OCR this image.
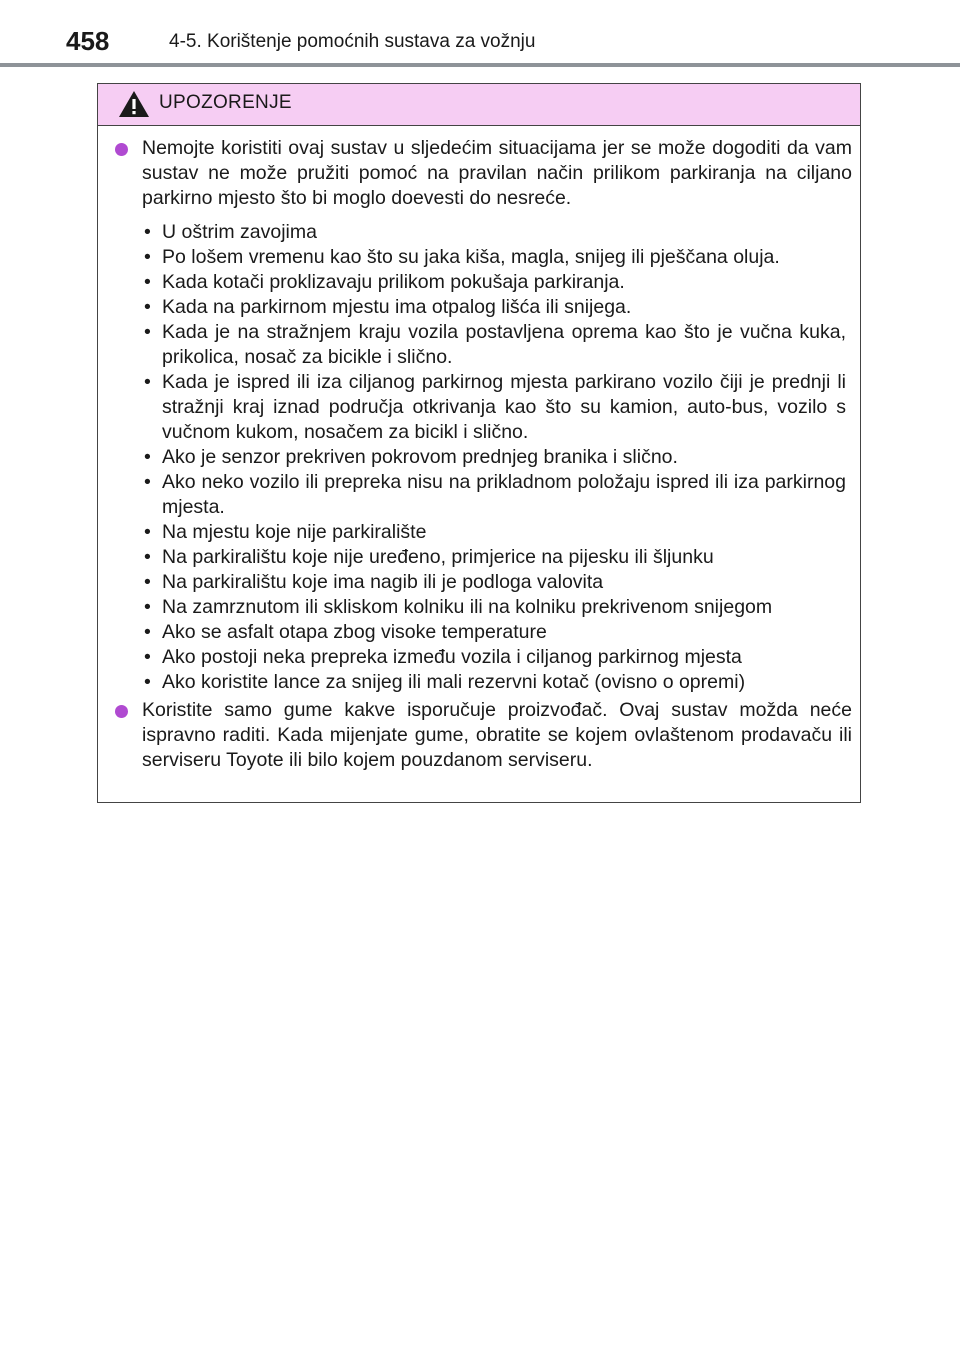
458	4-5. Korištenje pomoćnih sustava za vožnju
UPOZORENJE
Nemojte koristiti ovaj sustav u sljedećim situacijama jer se može dogoditi da vam sustav ne može pružiti pomoć na pravilan način prilikom parkiranja na ciljano parkirno mjesto što bi moglo doevesti do nesreće.
• U oštrim zavojima
• Po lošem vremenu kao što su jaka kiša, magla, snijeg ili pješčana oluja.
• Kada kotači proklizavaju prilikom pokušaja parkiranja.
• Kada na parkirnom mjestu ima otpalog lišća ili snijega.
• Kada je na stražnjem kraju vozila postavljena oprema kao što je vučna kuka, prikolica, nosač za bicikle i slično.
• Kada je ispred ili iza ciljanog parkirnog mjesta parkirano vozilo čiji je prednji li stražnji kraj iznad područja otkrivanja kao što su kamion, auto-bus, vozilo s vučnom kukom, nosačem za bicikl i slično.
• Ako je senzor prekriven pokrovom prednjeg branika i slično.
• Ako neko vozilo ili prepreka nisu na prikladnom položaju ispred ili iza parkirnog mjesta.
• Na mjestu koje nije parkiralište
• Na parkiralištu koje nije uređeno, primjerice na pijesku ili šljunku
• Na parkiralištu koje ima nagib ili je podloga valovita
• Na zamrznutom ili skliskom kolniku ili na kolniku prekrivenom snijegom
• Ako se asfalt otapa zbog visoke temperature
• Ako postoji neka prepreka između vozila i ciljanog parkirnog mjesta
• Ako koristite lance za snijeg ili mali rezervni kotač (ovisno o opremi)
Koristite samo gume kakve isporučuje proizvođač. Ovaj sustav možda neće ispravno raditi. Kada mijenjate gume, obratite se kojem ovlaštenom prodavaču ili serviseru Toyote ili bilo kojem pouzdanom serviseru.
